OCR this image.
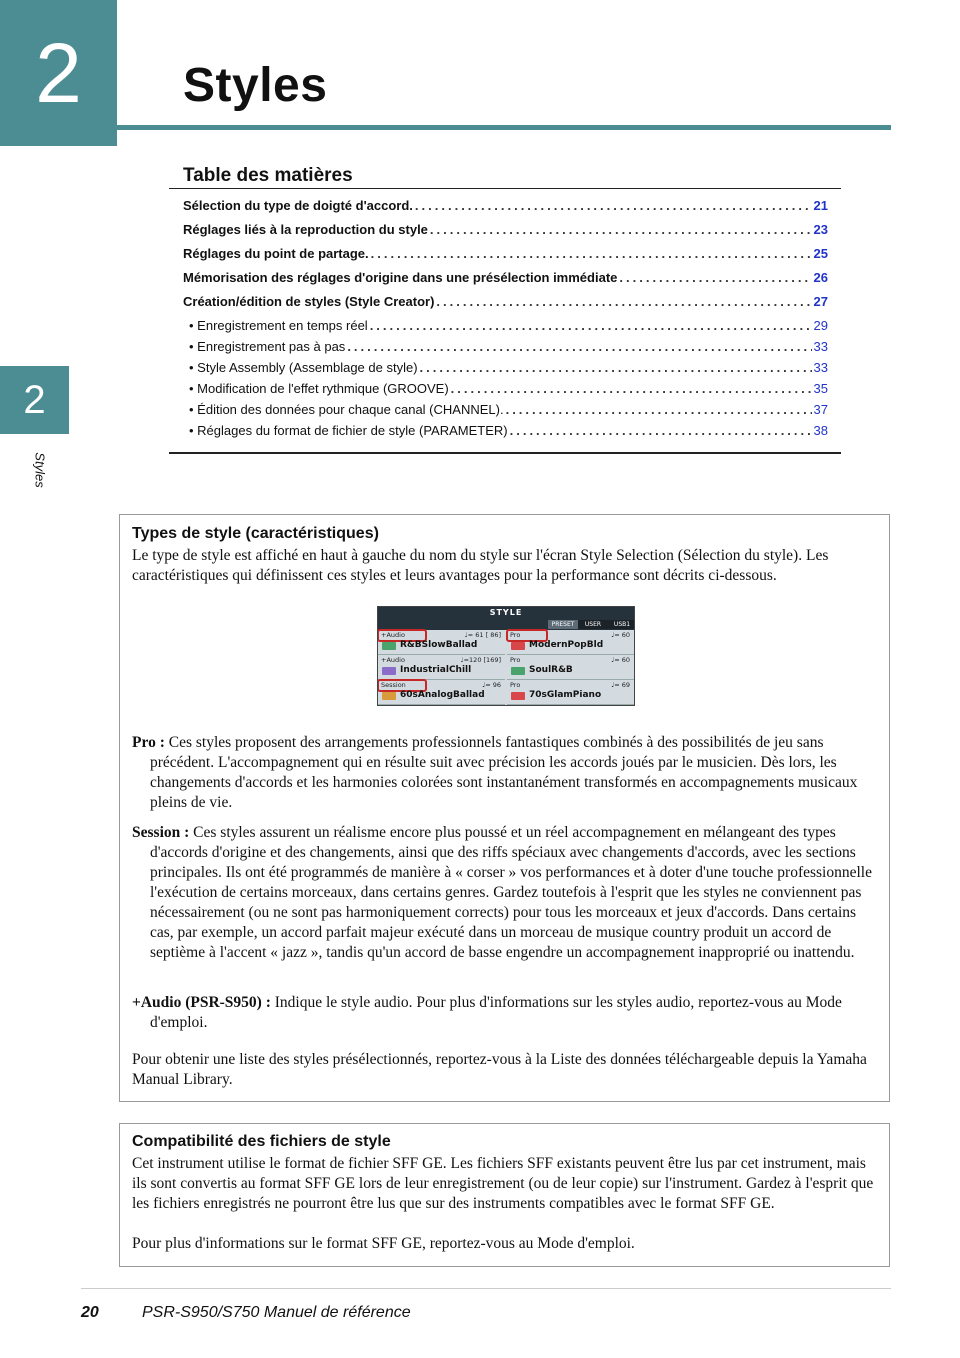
2	Styles
2
Styles
Table des matières
Sélection du type de doigté d'accord. .....	21
Réglages liés à la reproduction du style .....	23
Réglages du point de partage. .....	25
Mémorisation des réglages d'origine dans une présélection immédiate .....	26
Création/édition de styles (Style Creator) .....	27
• Enregistrement en temps réel .....	29
• Enregistrement pas à pas .....	33
• Style Assembly (Assemblage de style) .....	33
• Modification de l'effet rythmique (GROOVE) .....	35
• Édition des données pour chaque canal (CHANNEL). .....	37
• Réglages du format de fichier de style (PARAMETER) .....	38
Types de style (caractéristiques)
Le type de style est affiché en haut à gauche du nom du style sur l'écran Style Selection (Sélection du style). Les caractéristiques qui définissent ces styles et leurs avantages pour la performance sont décrits ci-dessous.
STYLE
PRESET	USER	USB1
+Audio	♩= 61 [ 86]
R&BSlowBallad
Pro	♩= 60
ModernPopBld
+Audio	♩=120 [169]
IndustrialChill
Pro	♩= 60
SoulR&B
Session	♩= 96
60sAnalogBallad
Pro	♩= 69
70sGlamPiano

Pro : Ces styles proposent des arrangements professionnels fantastiques combinés à des possibilités de jeu sans précédent. L'accompagnement qui en résulte suit avec précision les accords joués par le musicien. Dès lors, les changements d'accords et les harmonies colorées sont instantanément transformés en accompagnements musicaux pleins de vie.

Session : Ces styles assurent un réalisme encore plus poussé et un réel accompagnement en mélangeant des types d'accords d'origine et des changements, ainsi que des riffs spéciaux avec changements d'accords, avec les sections principales. Ils ont été programmés de manière à « corser » vos performances et à doter d'une touche professionnelle l'exécution de certains morceaux, dans certains genres. Gardez toutefois à l'esprit que les styles ne conviennent pas nécessairement (ou ne sont pas harmoniquement corrects) pour tous les morceaux et jeux d'accords. Dans certains cas, par exemple, un accord parfait majeur exécuté dans un morceau de musique country produit un accord de septième à l'accent « jazz », tandis qu'un accord de basse engendre un accompagnement inapproprié ou inattendu.

+Audio (PSR-S950) : Indique le style audio. Pour plus d'informations sur les styles audio, reportez-vous au Mode d'emploi.

Pour obtenir une liste des styles présélectionnés, reportez-vous à la Liste des données téléchargeable depuis la Yamaha Manual Library.
Compatibilité des fichiers de style
Cet instrument utilise le format de fichier SFF GE. Les fichiers SFF existants peuvent être lus par cet instrument, mais ils sont convertis au format SFF GE lors de leur enregistrement (ou de leur copie) sur l'instrument. Gardez à l'esprit que les fichiers enregistrés ne pourront être lus que sur des instruments compatibles avec le format SFF GE.
Pour plus d'informations sur le format SFF GE, reportez-vous au Mode d'emploi.
20	PSR-S950/S750 Manuel de référence
